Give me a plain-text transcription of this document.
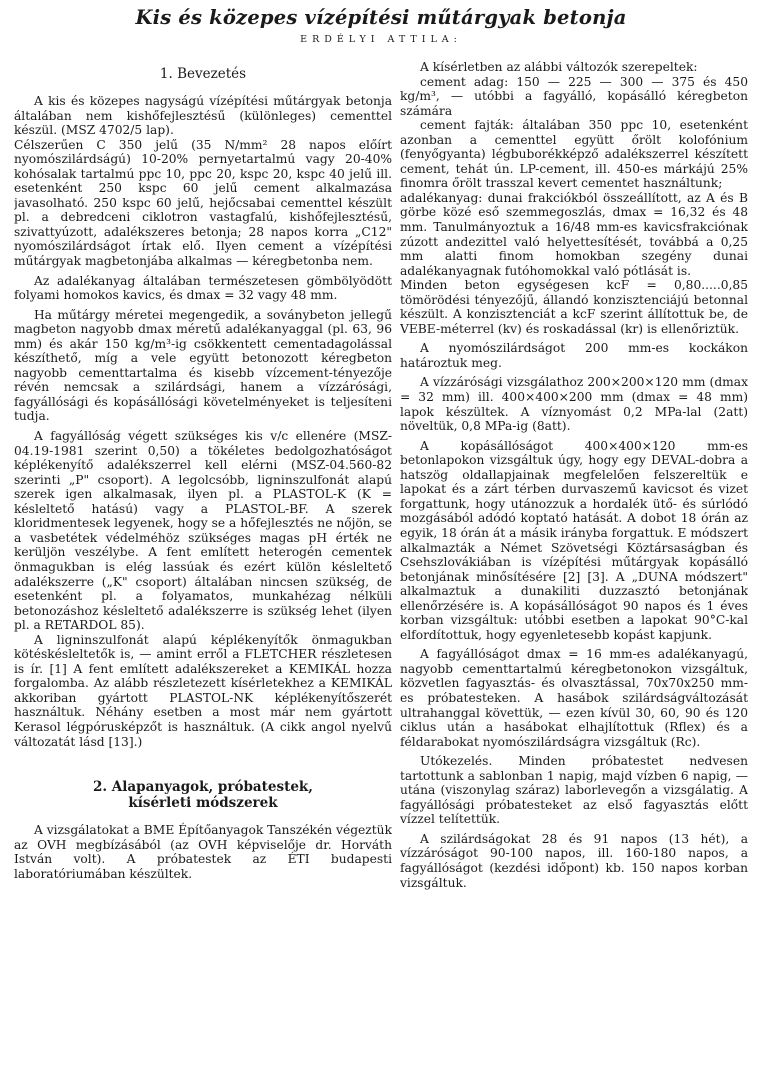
Kis és közepes vízépítési műtárgyak betonja
ERDÉLYI ATTILA:
1. Bevezetés

A kis és közepes nagyságú vízépítési műtárgyak betonja általában nem kishőfejlesztésű (különleges) cementtel készül. (MSZ 4702/5 lap).

Célszerűen C 350 jelű (35 N/mm² 28 napos előírt nyomószilárdságú) 10-20% pernyetartalmú vagy 20-40% kohósalak tartalmú ppc 10, ppc 20, kspc 20, kspc 40 jelű ill. esetenként 250 kspc 60 jelű cement alkalmazása javasolható. 250 kspc 60 jelű, hejőcsabai cementtel készült pl. a debredceni ciklotron vastagfalú, kishőfejlesztésű, szivattyúzott, adalékszeres betonja; 28 napos korra „C12" nyomószilárdságot írtak elő. Ilyen cement a vízépítési műtárgyak magbetonjába alkalmas — kéregbetonba nem.

Az adalékanyag általában természetesen gömbölyödött folyami homokos kavics, és dmax = 32 vagy 48 mm.

Ha műtárgy méretei megengedik, a soványbeton jellegű magbeton nagyobb dmax méretű adalékanyaggal (pl. 63, 96 mm) és akár 150 kg/m³-ig csökkentett cementadagolással készíthető, míg a vele együtt betonozott kéregbeton nagyobb cementtartalma és kisebb vízcement-tényezője révén nemcsak a szilárdsági, hanem a vízzárósági, fagyállósági és kopásállósági követelményeket is teljesíteni tudja.

A fagyállóság végett szükséges kis v/c ellenére (MSZ-04.19-1981 szerint 0,50) a tökéletes bedolgozhatóságot képlékenyítő adalékszerrel kell elérni (MSZ-04.560-82 szerinti „P" csoport). A legolcsóbb, ligninszulfonát alapú szerek igen alkalmasak, ilyen pl. a PLASTOL-K (K = késleltető hatású) vagy a PLASTOL-BF. A szerek kloridmentesek legyenek, hogy se a hőfejlesztés ne nőjön, se a vasbetétek védelméhöz szükséges magas pH érték ne kerüljön veszélybe. A fent említett heterogén cementek önmagukban is elég lassúak és ezért külön késleltető adalékszerre („K" csoport) általában nincsen szükség, de esetenként pl. a folyamatos, munkahézag nélküli betonozáshoz késleltető adalékszerre is szükség lehet (ilyen pl. a RETARDOL 85).

A ligninszulfonát alapú képlékenyítők önmagukban kötéskésleltetők is, — amint erről a FLETCHER részletesen is ír. [1] A fent említett adalékszereket a KEMIKÁL hozza forgalomba. Az alább részletezett kísérletekhez a KEMIKÁL akkoriban gyártott PLASTOL-NK képlékenyítőszerét használtuk. Néhány esetben a most már nem gyártott Kerasol légpórusképzőt is használtuk. (A cikk angol nyelvű változatát lásd [13].)

2. Alapanyagok, próbatestek,
kísérleti módszerek

A vizsgálatokat a BME Építőanyagok Tanszékén végeztük az OVH megbízásából (az OVH képviselője dr. Horváth István volt). A próbatestek az ÉTI budapesti laboratóriumában készültek.

A kísérletben az alábbi változók szerepeltek:

cement adag: 150 — 225 — 300 — 375 és 450 kg/m³, — utóbbi a fagyálló, kopásálló kéregbeton számára

cement fajták: általában 350 ppc 10, esetenként azonban a cementtel együtt őrölt kolofónium (fenyőgyanta) légbuborékképző adalékszerrel készített cement, tehát ún. LP-cement, ill. 450-es márkájú 25% finomra őrölt trasszal kevert cementet használtunk;

adalékanyag: dunai frakciókból összeállított, az A és B görbe közé eső szemmegoszlás, dmax = 16,32 és 48 mm. Tanulmányoztuk a 16/48 mm-es kavicsfrakciónak zúzott andezittel való helyettesítését, továbbá a 0,25 mm alatti finom homokban szegény dunai adalékanyagnak futóhomokkal való pótlását is.

Minden beton egységesen kcF = 0,80.....0,85 tömörödési tényezőjű, állandó konzisztenciájú betonnal készült. A konzisztenciát a kcF szerint állítottuk be, de VEBE-méterrel (kv) és roskadással (kr) is ellenőriztük.

A nyomószilárdságot 200 mm-es kockákon határoztuk meg.

A vízzárósági vizsgálathoz 200×200×120 mm (dmax = 32 mm) ill. 400×400×200 mm (dmax = 48 mm) lapok készültek. A víznyomást 0,2 MPa-lal (2att) növeltük, 0,8 MPa-ig (8att).

A kopásállóságot 400×400×120 mm-es betonlapokon vizsgáltuk úgy, hogy egy DEVAL-dobra a hatszög oldallapjainak megfelelően felszereltük e lapokat és a zárt térben durvaszemű kavicsot és vizet forgattunk, hogy utánozzuk a hordalék ütő- és súrlódó mozgásából adódó koptató hatását. A dobot 18 órán az egyik, 18 órán át a másik irányba forgattuk. E módszert alkalmazták a Német Szövetségi Köztársaságban és Csehszlovákiában is vízépítési műtárgyak kopásálló betonjának minősítésére [2] [3]. A „DUNA módszert" alkalmaztuk a dunakiliti duzzasztó betonjának ellenőrzésére is. A kopásállóságot 90 napos és 1 éves korban vizsgáltuk: utóbbi esetben a lapokat 90°C-kal elfordítottuk, hogy egyenletesebb kopást kapjunk.

A fagyállóságot dmax = 16 mm-es adalékanyagú, nagyobb cementtartalmú kéregbetonokon vizsgáltuk, közvetlen fagyasztás- és olvasztással, 70x70x250 mm-es próbatesteken. A hasábok szilárdságváltozását ultrahanggal követtük, — ezen kívül 30, 60, 90 és 120 ciklus után a hasábokat elhajlítottuk (Rflex) és a féldarabokat nyomószilárdságra vizsgáltuk (Rc).

Utókezelés. Minden próbatestet nedvesen tartottunk a sablonban 1 napig, majd vízben 6 napig, — utána (viszonylag száraz) laborlevegőn a vizsgálatig. A fagyállósági próbatesteket az első fagyasztás előtt vízzel telítettük.

A szilárdságokat 28 és 91 napos (13 hét), a vízzáróságot 90-100 napos, ill. 160-180 napos, a fagyállóságot (kezdési időpont) kb. 150 napos korban vizsgáltuk.
